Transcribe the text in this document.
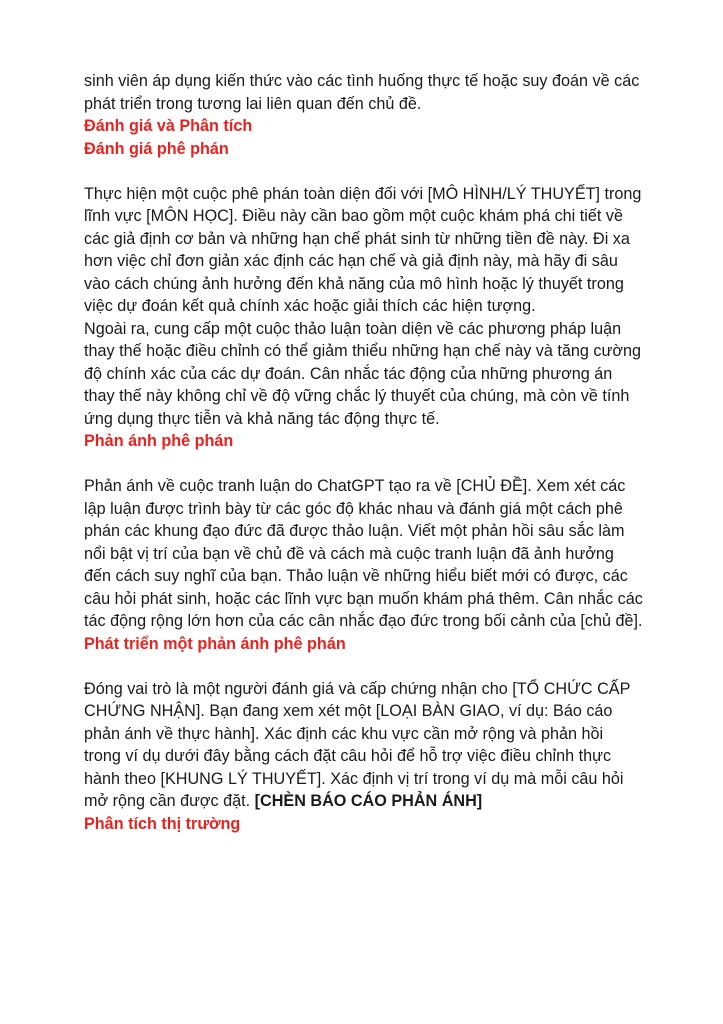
sinh viên áp dụng kiến thức vào các tình huống thực tế hoặc suy đoán về các phát triển trong tương lai liên quan đến chủ đề.

Đánh giá và Phân tích

Đánh giá phê phán

Thực hiện một cuộc phê phán toàn diện đối với [MÔ HÌNH/LÝ THUYẾT] trong lĩnh vực [MÔN HỌC]. Điều này cần bao gồm một cuộc khám phá chi tiết về các giả định cơ bản và những hạn chế phát sinh từ những tiền đề này. Đi xa hơn việc chỉ đơn giản xác định các hạn chế và giả định này, mà hãy đi sâu vào cách chúng ảnh hưởng đến khả năng của mô hình hoặc lý thuyết trong việc dự đoán kết quả chính xác hoặc giải thích các hiện tượng.

Ngoài ra, cung cấp một cuộc thảo luận toàn diện về các phương pháp luận thay thế hoặc điều chỉnh có thể giảm thiểu những hạn chế này và tăng cường độ chính xác của các dự đoán. Cân nhắc tác động của những phương án thay thế này không chỉ về độ vững chắc lý thuyết của chúng, mà còn về tính ứng dụng thực tiễn và khả năng tác động thực tế.

Phản ánh phê phán

Phản ánh về cuộc tranh luận do ChatGPT tạo ra về [CHỦ ĐỀ]. Xem xét các lập luận được trình bày từ các góc độ khác nhau và đánh giá một cách phê phán các khung đạo đức đã được thảo luận. Viết một phản hồi sâu sắc làm nổi bật vị trí của bạn về chủ đề và cách mà cuộc tranh luận đã ảnh hưởng đến cách suy nghĩ của bạn. Thảo luận về những hiểu biết mới có được, các câu hỏi phát sinh, hoặc các lĩnh vực bạn muốn khám phá thêm. Cân nhắc các tác động rộng lớn hơn của các cân nhắc đạo đức trong bối cảnh của [chủ đề].

Phát triển một phản ánh phê phán

Đóng vai trò là một người đánh giá và cấp chứng nhận cho [TỔ CHỨC CẤP CHỨNG NHẬN]. Bạn đang xem xét một [LOẠI BÀN GIAO, ví dụ: Báo cáo phản ánh về thực hành]. Xác định các khu vực cần mở rộng và phản hồi trong ví dụ dưới đây bằng cách đặt câu hỏi để hỗ trợ việc điều chỉnh thực hành theo [KHUNG LÝ THUYẾT]. Xác định vị trí trong ví dụ mà mỗi câu hỏi mở rộng cần được đặt. [CHÈN BÁO CÁO PHẢN ÁNH]

Phân tích thị trường
